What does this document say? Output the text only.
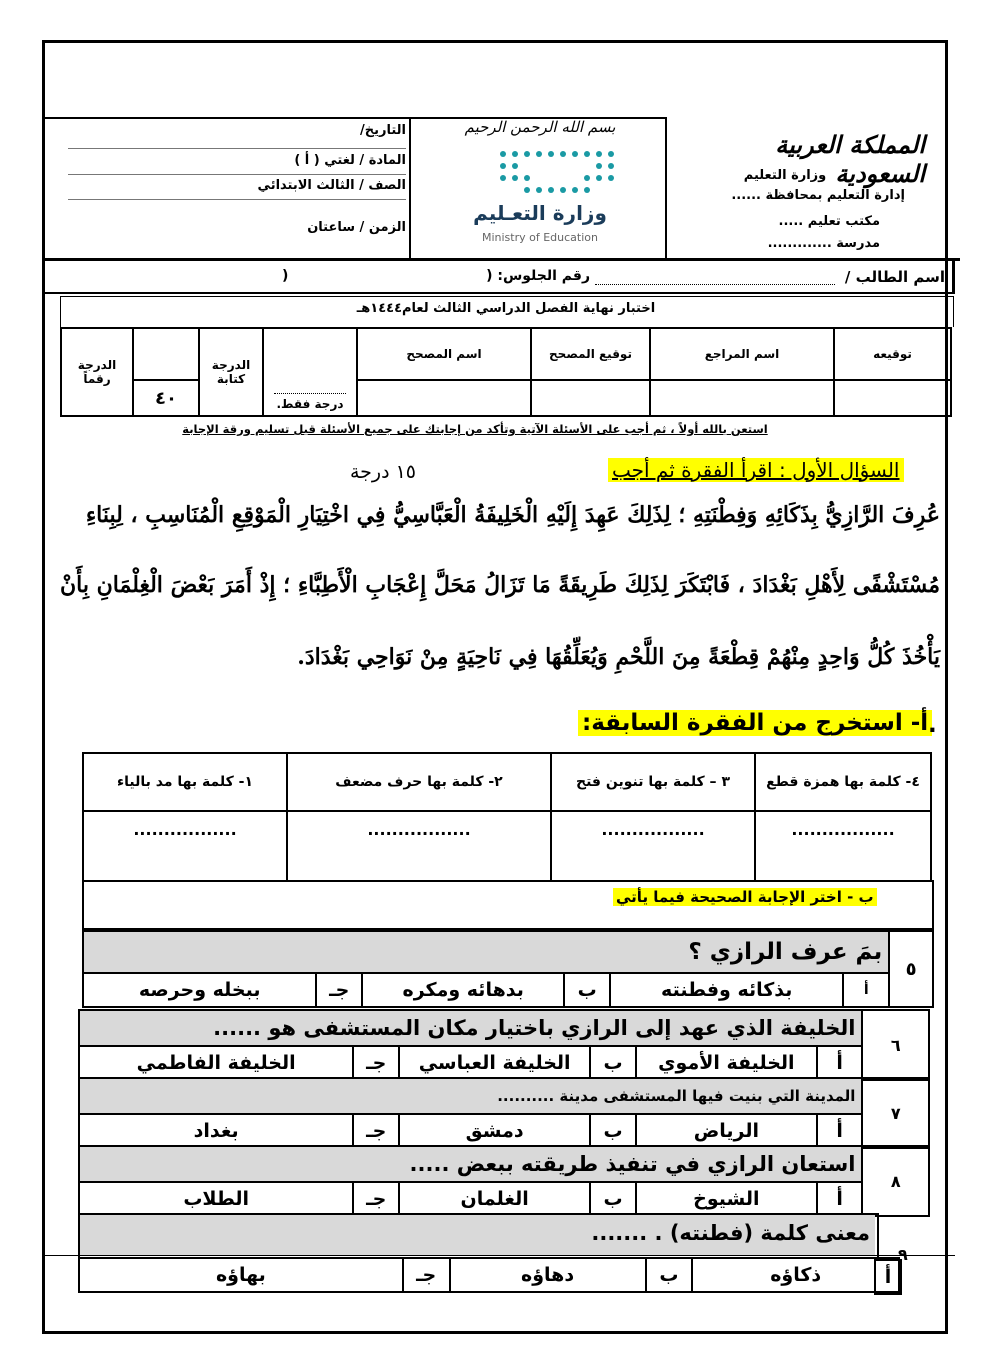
التاريخ/
المادة / لغتي ( أ )
الصف / الثالث الابتدائي
الزمن / ساعتان
بسم الله الرحمن الرحيم
وزارة التعـليم
Ministry of Education
المملكة العربية السعودية
وزارة التعليم
إدارة التعليم بمحافظة ......
مكتب تعليم .....
مدرسة .............
اسم الطالب /
رقم الجلوس: (
)
اختبار نهاية الفصل الدراسي الثالث لعام١٤٤٤هـ
الدرجة رقماً		الدرجة كتابة	درجة فقط.	اسم المصحح	توقيع المصحح	اسم المراجع	توقيعه
	٤٠						
استعن بالله أولاً ، ثم أجب على الأسئلة الآتية وتأكد من إجابتك على جميع الأسئلة قبل تسليم ورقة الإجابة
السؤال الأول : اقرأ الفقرة ثم أجب
١٥ درجة
عُرِفَ الرَّازِيُّ بِذَكَائِهِ وَفِطْنَتِهِ ؛ لِذَلِكَ عَهِدَ إِلَيْهِ الْخَلِيفَةُ الْعَبَّاسِيُّ فِي اخْتِيَارِ الْمَوْقِعِ الْمُنَاسِبِ ، لِبِنَاءِ
مُسْتَشْفًى لِأَهْلِ بَغْدَادَ ، فَابْتَكَرَ لِذَلِكَ طَرِيقَةً مَا تَزَالُ مَحَلَّ إِعْجَابِ الْأَطِبَّاءِ ؛ إِذْ أَمَرَ بَعْضَ الْغِلْمَانِ بِأَنْ
يَأْخُذَ كُلُّ وَاحِدٍ مِنْهُمْ قِطْعَةً مِنَ اللَّحْمِ وَيُعَلِّقُهَا فِي نَاحِيَةٍ مِنْ نَوَاحِي بَغْدَادَ.
أ- استخرج من الفقرة السابقة: .
١- كلمة بها مد بالياء	٢- كلمة بها حرف مضعف	٣ – كلمة بها تنوين فتح	٤- كلمة بها همزة قطع
.................	.................	.................	.................
ب - اختر الإجابة الصحيحة فيما يأتي
بمَ عرف الرازي ؟						٥
ببخله وحرصه	جـ	بدهائه ومكره	ب	بذكائه وفطنته	أ	
الخليفة الذي عهد إلى الرازي باختيار مكان المستشفى هو ......						٦
الخليفة الفاطمي	جـ	الخليفة العباسي	ب	الخليفة الأموي	أ	
المدينة التي بنيت فيها المستشفى مدينة ..........						٧
بغداد	جـ	دمشق	ب	الرياض	أ	
استعان الرازي في تنفيذ طريقته ببعض .....						٨
الطلاب	جـ	الغلمان	ب	الشيوخ	أ	
معنى كلمة (فطنته) . .......
بهاؤه	جـ	دهاؤه	ب	ذكاؤه	أ
